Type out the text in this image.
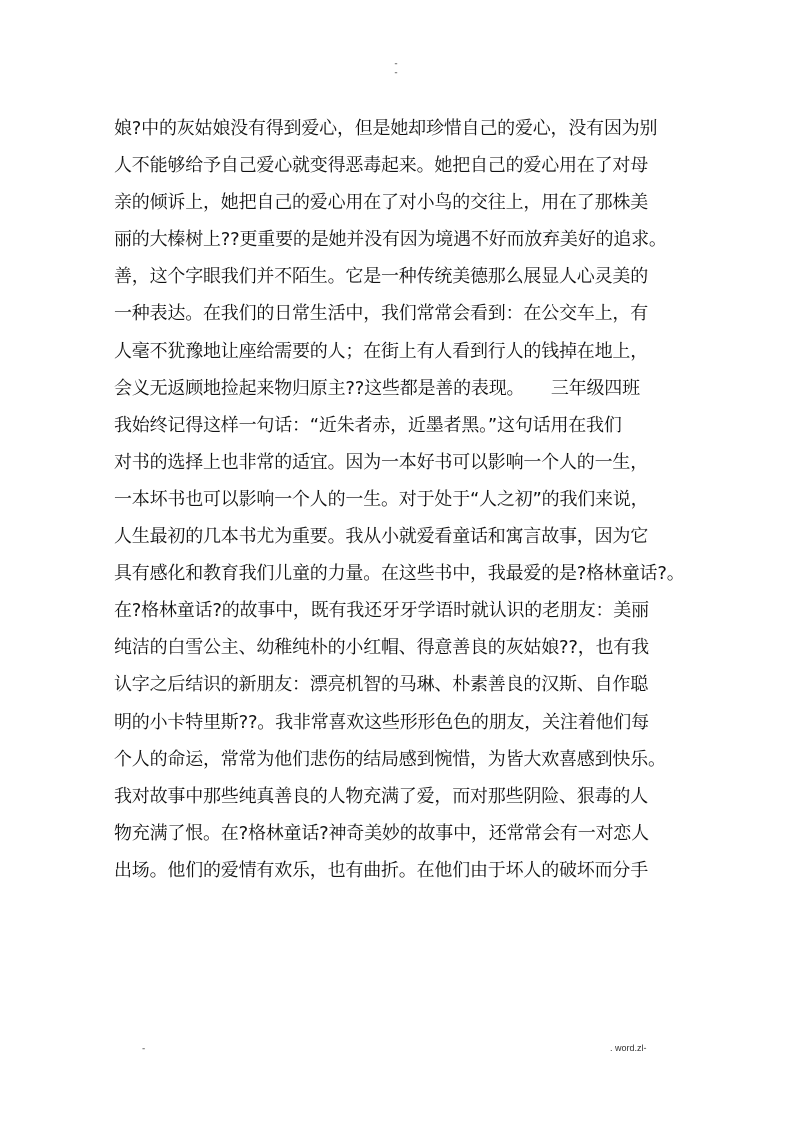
-
-
娘?中的灰姑娘没有得到爱心，但是她却珍惜自己的爱心，没有因为别
人不能够给予自己爱心就变得恶毒起来。她把自己的爱心用在了对母
亲的倾诉上，她把自己的爱心用在了对小鸟的交往上，用在了那株美
丽的大榛树上??更重要的是她并没有因为境遇不好而放弃美好的追求。
善，这个字眼我们并不陌生。它是一种传统美德那么展显人心灵美的
一种表达。在我们的日常生活中，我们常常会看到：在公交车上，有
人毫不犹豫地让座给需要的人；在街上有人看到行人的钱掉在地上，
会义无返顾地捡起来物归原主??这些都是善的表现。　　三年级四班
我始终记得这样一句话：“近朱者赤，近墨者黑。”这句话用在我们
对书的选择上也非常的适宜。因为一本好书可以影响一个人的一生，
一本坏书也可以影响一个人的一生。对于处于“人之初”的我们来说，
人生最初的几本书尤为重要。我从小就爱看童话和寓言故事，因为它
具有感化和教育我们儿童的力量。在这些书中，我最爱的是?格林童话?。
在?格林童话?的故事中，既有我还牙牙学语时就认识的老朋友：美丽
纯洁的白雪公主、幼稚纯朴的小红帽、得意善良的灰姑娘??，也有我
认字之后结识的新朋友：漂亮机智的马琳、朴素善良的汉斯、自作聪
明的小卡特里斯??。我非常喜欢这些形形色色的朋友，关注着他们每
个人的命运，常常为他们悲伤的结局感到惋惜，为皆大欢喜感到快乐。
我对故事中那些纯真善良的人物充满了爱，而对那些阴险、狠毒的人
物充满了恨。在?格林童话?神奇美妙的故事中，还常常会有一对恋人
出场。他们的爱情有欢乐，也有曲折。在他们由于坏人的破坏而分手
-	. word.zl-
